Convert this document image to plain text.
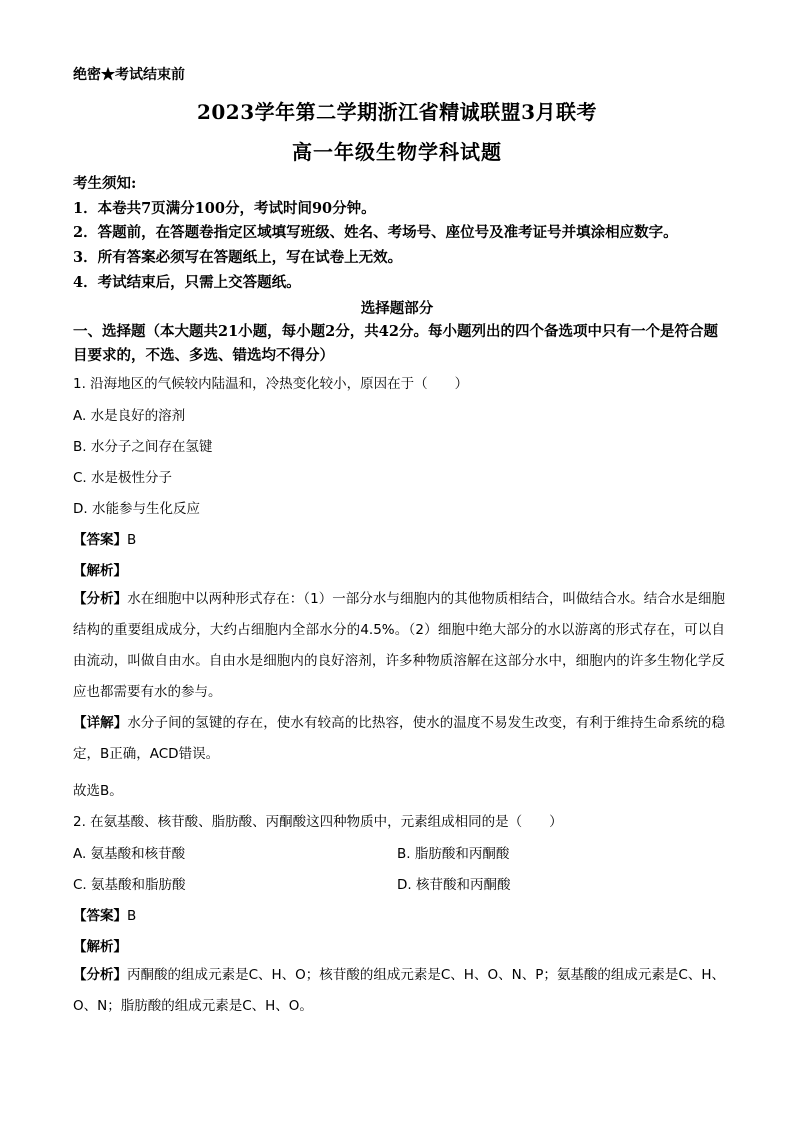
绝密★考试结束前
2023学年第二学期浙江省精诚联盟3月联考
高一年级生物学科试题
考生须知:
1．本卷共7页满分100分，考试时间90分钟。
2．答题前，在答题卷指定区域填写班级、姓名、考场号、座位号及准考证号并填涂相应数字。
3．所有答案必须写在答题纸上，写在试卷上无效。
4．考试结束后，只需上交答题纸。
选择题部分
一、选择题（本大题共21小题，每小题2分，共42分。每小题列出的四个备选项中只有一个是符合题目要求的，不选、多选、错选均不得分）
1. 沿海地区的气候较内陆温和，冷热变化较小，原因在于（　　）
A. 水是良好的溶剂
B. 水分子之间存在氢键
C. 水是极性分子
D. 水能参与生化反应
【答案】B
【解析】
【分析】水在细胞中以两种形式存在：（1）一部分水与细胞内的其他物质相结合，叫做结合水。结合水是细胞结构的重要组成成分，大约占细胞内全部水分的4.5%。（2）细胞中绝大部分的水以游离的形式存在，可以自由流动，叫做自由水。自由水是细胞内的良好溶剂，许多种物质溶解在这部分水中，细胞内的许多生物化学反应也都需要有水的参与。
【详解】水分子间的氢键的存在，使水有较高的比热容，使水的温度不易发生改变，有利于维持生命系统的稳定，B正确，ACD错误。
故选B。
2. 在氨基酸、核苷酸、脂肪酸、丙酮酸这四种物质中，元素组成相同的是（　　）
A. 氨基酸和核苷酸	B. 脂肪酸和丙酮酸
C. 氨基酸和脂肪酸	D. 核苷酸和丙酮酸
【答案】B
【解析】
【分析】丙酮酸的组成元素是C、H、O；核苷酸的组成元素是C、H、O、N、P；氨基酸的组成元素是C、H、O、N；脂肪酸的组成元素是C、H、O。
